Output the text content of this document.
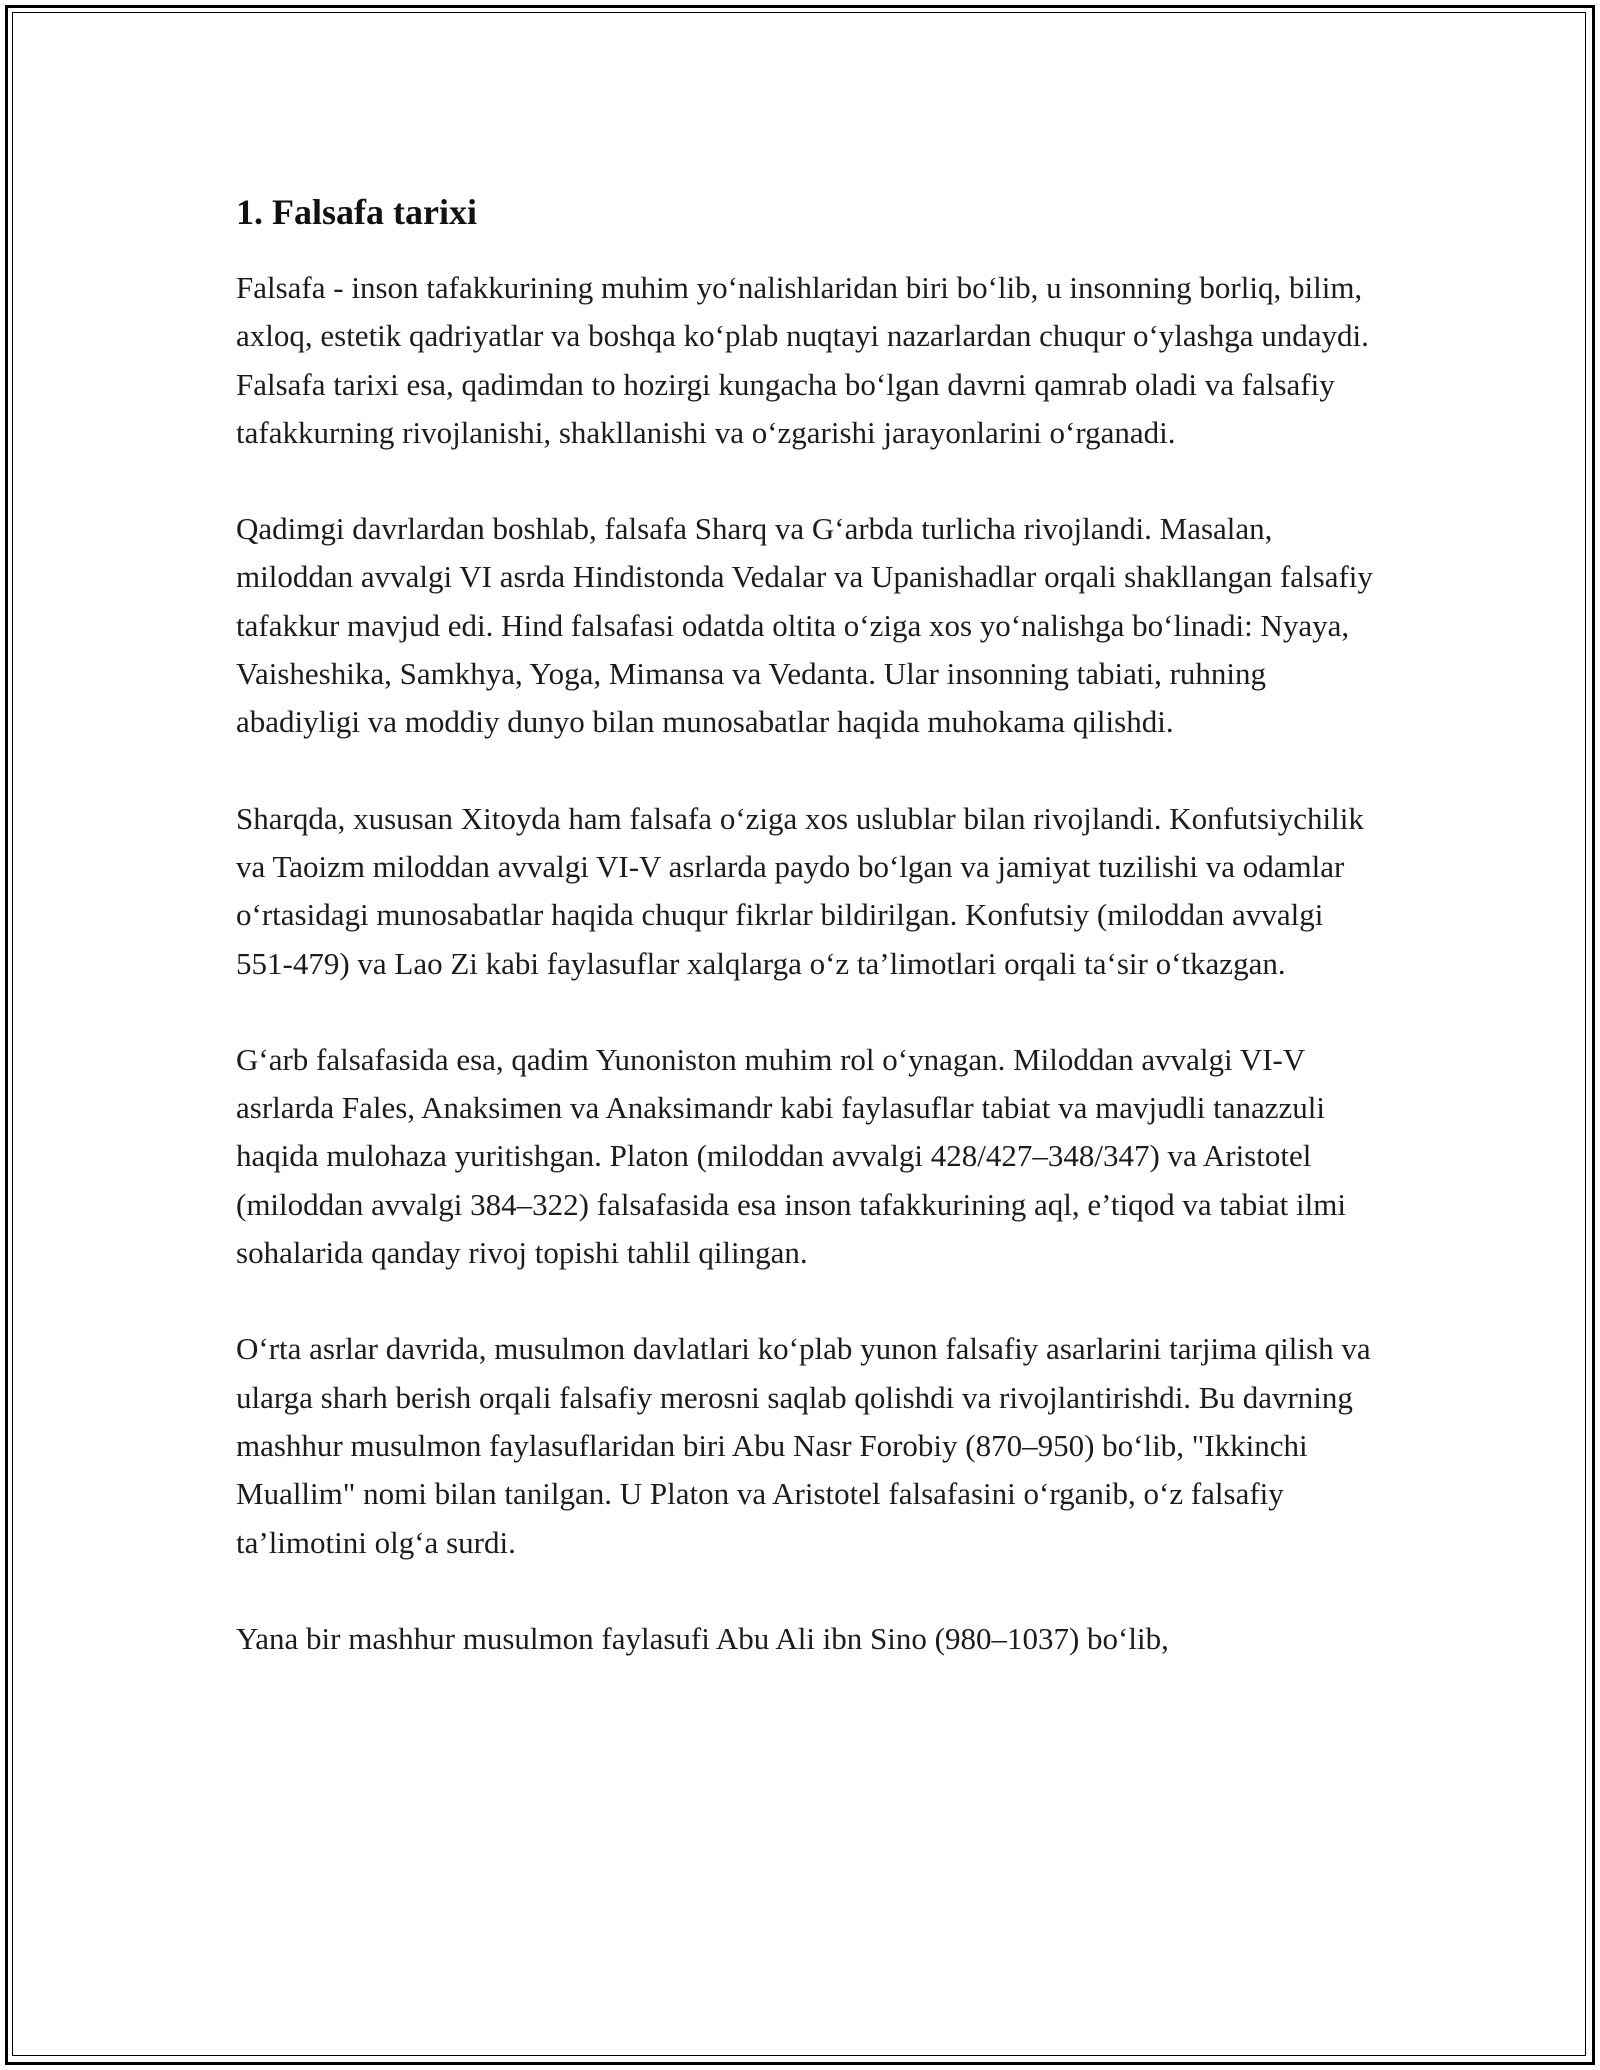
1. Falsafa tarixi

Falsafa - inson tafakkurining muhim yo‘nalishlaridan biri bo‘lib, u insonning borliq, bilim, axloq, estetik qadriyatlar va boshqa ko‘plab nuqtayi nazarlardan chuqur o‘ylashga undaydi. Falsafa tarixi esa, qadimdan to hozirgi kungacha bo‘lgan davrni qamrab oladi va falsafiy tafakkurning rivojlanishi, shakllanishi va o‘zgarishi jarayonlarini o‘rganadi.

Qadimgi davrlardan boshlab, falsafa Sharq va G‘arbda turlicha rivojlandi. Masalan, miloddan avvalgi VI asrda Hindistonda Vedalar va Upanishadlar orqali shakllangan falsafiy tafakkur mavjud edi. Hind falsafasi odatda oltita o‘ziga xos yo‘nalishga bo‘linadi: Nyaya, Vaisheshika, Samkhya, Yoga, Mimansa va Vedanta. Ular insonning tabiati, ruhning abadiyligi va moddiy dunyo bilan munosabatlar haqida muhokama qilishdi.

Sharqda, xususan Xitoyda ham falsafa o‘ziga xos uslublar bilan rivojlandi. Konfutsiychilik va Taoizm miloddan avvalgi VI-V asrlarda paydo bo‘lgan va jamiyat tuzilishi va odamlar o‘rtasidagi munosabatlar haqida chuqur fikrlar bildirilgan. Konfutsiy (miloddan avvalgi 551-479) va Lao Zi kabi faylasuflar xalqlarga o‘z ta’limotlari orqali ta‘sir o‘tkazgan.

G‘arb falsafasida esa, qadim Yunoniston muhim rol o‘ynagan. Miloddan avvalgi VI-V asrlarda Fales, Anaksimen va Anaksimandr kabi faylasuflar tabiat va mavjudli tanazzuli haqida mulohaza yuritishgan. Platon (miloddan avvalgi 428/427–348/347) va Aristotel (miloddan avvalgi 384–322) falsafasida esa inson tafakkurining aql, e’tiqod va tabiat ilmi sohalarida qanday rivoj topishi tahlil qilingan.

O‘rta asrlar davrida, musulmon davlatlari ko‘plab yunon falsafiy asarlarini tarjima qilish va ularga sharh berish orqali falsafiy merosni saqlab qolishdi va rivojlantirishdi. Bu davrning mashhur musulmon faylasuflaridan biri Abu Nasr Forobiy (870–950) bo‘lib, "Ikkinchi Muallim" nomi bilan tanilgan. U Platon va Aristotel falsafasini o‘rganib, o‘z falsafiy ta’limotini olg‘a surdi.

Yana bir mashhur musulmon faylasufi Abu Ali ibn Sino (980–1037) bo‘lib,
